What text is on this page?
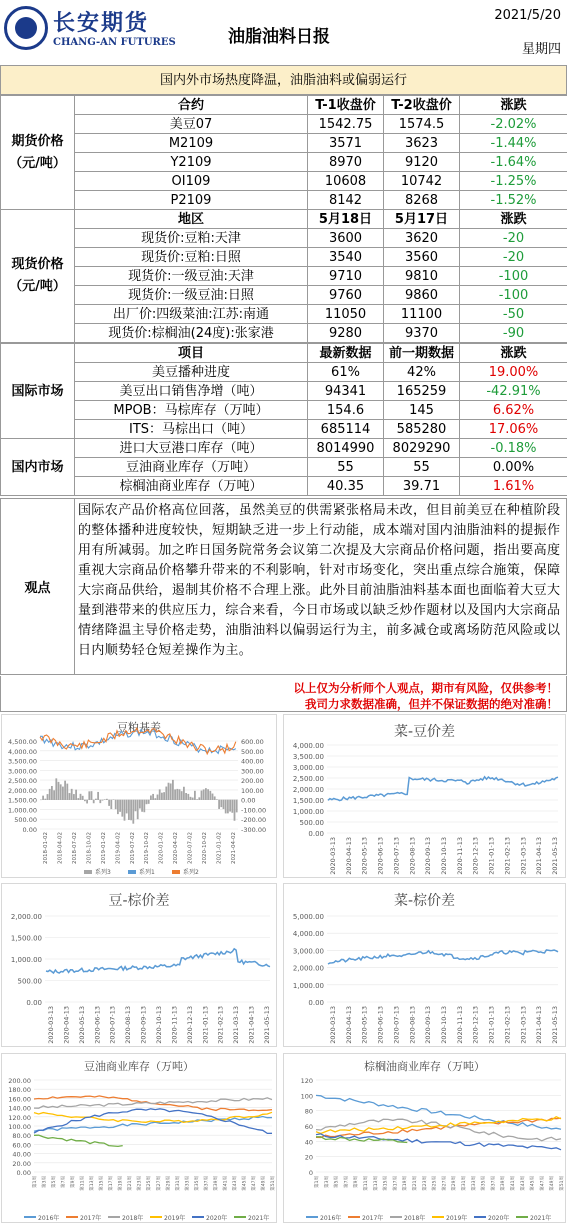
长安期货
CHANG-AN FUTURES	油脂油料日报
2021/5/20
星期四
国内外市场热度降温，油脂油料或偏弱运行
期货价格（元/吨）	合约	T-1收盘价	T-2收盘价	涨跌
	美豆07	1542.75	1574.5	-2.02%
	M2109	3571	3623	-1.44%
	Y2109	8970	9120	-1.64%
	OI109	10608	10742	-1.25%
	P2109	8142	8268	-1.52%
现货价格（元/吨）	地区	5月18日	5月17日	涨跌
	现货价:豆粕:天津	3600	3620	-20
	现货价:豆粕:日照	3540	3560	-20
	现货价:一级豆油:天津	9710	9810	-100
	现货价:一级豆油:日照	9760	9860	-100
	出厂价:四级菜油:江苏:南通	11050	11100	-50
	现货价:棕榈油(24度):张家港	9280	9370	-90
国际市场	项目	最新数据	前一期数据	涨跌
	美豆播种进度	61%	42%	19.00%
	美豆出口销售净增（吨）	94341	165259	-42.91%
	MPOB：马棕库存（万吨）	154.6	145	6.62%
	ITS：马棕出口（吨）	685114	585280	17.06%
国内市场	进口大豆港口库存（吨）	8014990	8029290	-0.18%
	豆油商业库存（万吨）	55	55	0.00%
	棕榈油商业库存（万吨）	40.35	39.71	1.61%
观点
国际农产品价格高位回落，虽然美豆的供需紧张格局未改，但目前美豆在种植阶段的整体播种进度较快，短期缺乏进一步上行动能，成本端对国内油脂油料的提振作用有所减弱。加之昨日国务院常务会议第二次提及大宗商品价格问题，指出要高度重视大宗商品价格攀升带来的不利影响，针对市场变化，突出重点综合施策，保障大宗商品供给，遏制其价格不合理上涨。此外目前油脂油料基本面也面临着大豆大量到港带来的供应压力，综合来看，今日市场或以缺乏炒作题材以及国内大宗商品情绪降温主导价格走势，油脂油料以偏弱运行为主，前多减仓或离场防范风险或以日内顺势轻仓短差操作为主。
以上仅为分析师个人观点，期市有风险，仅供参考！
我司力求数据准确，但并不保证数据的绝对准确！
豆粕基差
4,500.00
4,000.00
3,500.00
3,000.00
2,500.00
2,000.00
1,500.00
1,000.00
500.00
0.00
600.00
500.00
400.00
300.00
200.00
100.00
0.00
-100.00
-200.00
-300.00
2018-01-02 2018-04-02 2018-07-02 2018-10-02 2019-01-02 2019-04-02 2019-07-02 2019-10-02 2020-01-02 2020-04-02 2020-07-02 2020-10-02 2021-01-02 2021-04-02
系列3	系列1	系列2
菜-豆价差
4,000.00
3,500.00
3,000.00
2,500.00
2,000.00
1,500.00
1,000.00
500.00
0.00
2020-03-13 2020-04-13 2020-05-13 2020-06-13 2020-07-13 2020-08-13 2020-09-13 2020-10-13 2020-11-13 2020-12-13 2021-01-13 2021-02-13 2021-03-13 2021-04-13 2021-05-13
豆-棕价差
2,000.00
1,500.00
1,000.00
500.00
0.00
2020-03-13 2020-04-13 2020-05-13 2020-06-13 2020-07-13 2020-08-13 2020-09-13 2020-10-13 2020-11-13 2020-12-13 2021-01-13 2021-02-13 2021-03-13 2021-04-13 2021-05-13
菜-棕价差
5,000.00
4,000.00
3,000.00
2,000.00
1,000.00
0.00
2020-03-13 2020-04-13 2020-05-13 2020-06-13 2020-07-13 2020-08-13 2020-09-13 2020-10-13 2020-11-13 2020-12-13 2021-01-13 2021-02-13 2021-03-13 2021-04-13 2021-05-13
豆油商业库存（万吨）
200.00
180.00
160.00
140.00
120.00
100.00
80.00
60.00
40.00
20.00
0.00
第1周	第3周	第5周	第7周	第9周	第11周	第13周	第15周	第17周	第19周	第21周	第23周	第25周	第27周	第29周	第31周	第33周	第35周	第37周	第39周	第41周	第43周	第45周	第47周	第49周	第51周
2016年	2017年	2018年	2019年	2020年	2021年
棕榈油商业库存（万吨）
120
100
80
60
40
20
0
第1周	第3周	第5周	第7周	第9周	第11周	第13周	第15周	第17周	第19周	第21周	第23周	第25周	第27周	第29周	第31周	第33周	第35周	第37周	第39周	第41周	第43周	第45周	第47周	第49周	第51周
2016年	2017年	2018年	2019年	2020年	2021年
